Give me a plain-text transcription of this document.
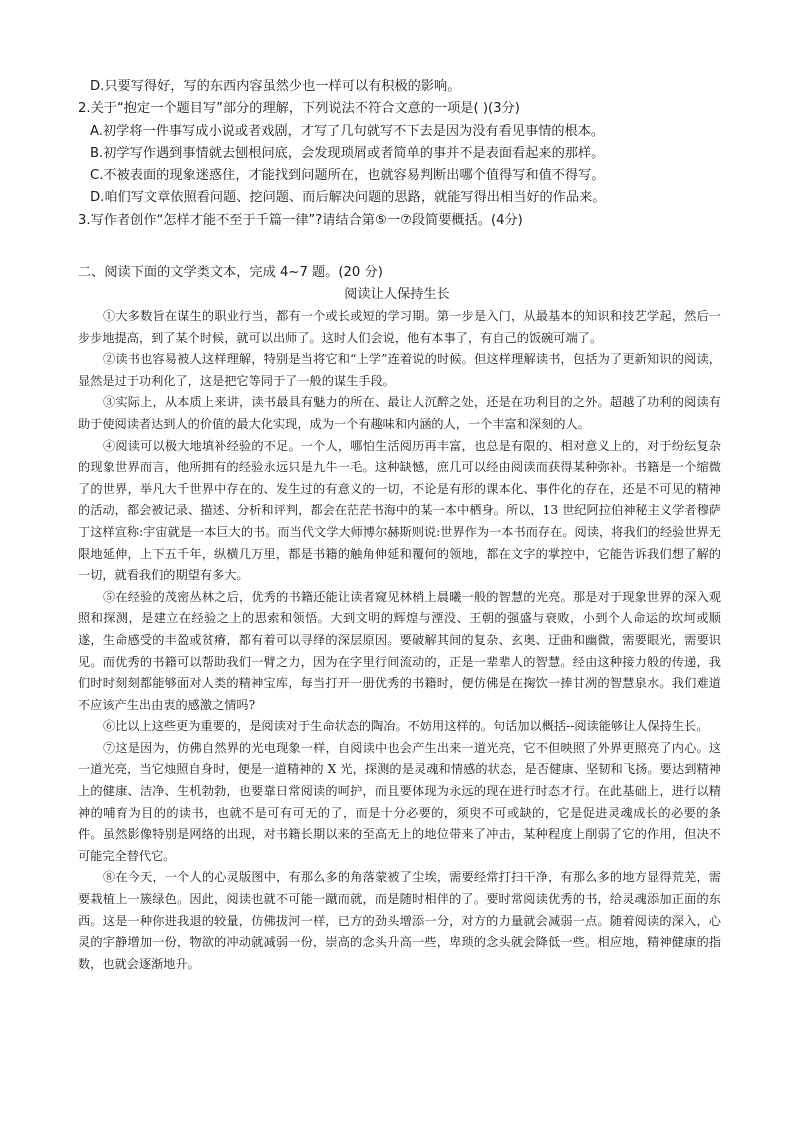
D.只要写得好，写的东西内容虽然少也一样可以有积极的影响。
2.关于“抱定一个题目写”部分的理解，下列说法不符合文意的一项是( )(3分)
A.初学将一件事写成小说或者戏剧，才写了几句就写不下去是因为没有看见事情的根本。
B.初学写作遇到事情就去刨根问底，会发现琐屑或者简单的事并不是表面看起来的那样。
C.不被表面的现象迷惑住，才能找到问题所在，也就容易判断出哪个值得写和值不得写。
D.咱们写文章依照看问题、挖问题、而后解决问题的思路，就能写得出相当好的作品来。
3.写作者创作“怎样才能不至于千篇一律”?请结合第⑤一⑦段简要概括。(4分)
二、阅读下面的文学类文本，完成 4~7 题。(20 分)
阅读让人保持生长

①大多数旨在谋生的职业行当，都有一个或长或短的学习期。第一步是入门，从最基本的知识和技艺学起，然后一步步地提高，到了某个时候，就可以出师了。这时人们会说，他有本事了，有自己的饭碗可端了。

②读书也容易被人这样理解，特别是当将它和“上学”连着说的时候。但这样理解读书，包括为了更新知识的阅读，显然是过于功利化了，这是把它等同于了一般的谋生手段。

③实际上，从本质上来讲，读书最具有魅力的所在、最让人沉醉之处，还是在功利目的之外。超越了功利的阅读有助于使阅读者达到人的价值的最大化实现，成为一个有趣味和内涵的人，一个丰富和深刻的人。

④阅读可以极大地填补经验的不足。一个人，哪怕生活阅历再丰富，也总是有限的、相对意义上的，对于纷纭复杂的现象世界而言，他所拥有的经验永远只是九牛一毛。这种缺憾，庶几可以经由阅读而获得某种弥补。书籍是一个缩微了的世界，举凡大千世界中存在的、发生过的有意义的一切，不论是有形的课本化、事件化的存在，还是不可见的精神的活动，都会被记录、描述、分析和评判，都会在茫茫书海中的某一本中栖身。所以，13 世纪阿拉伯神秘主义学者穆萨丁这样宣称:宇宙就是一本巨大的书。而当代文学大师博尔赫斯则说:世界作为一本书而存在。阅读，将我们的经验世界无限地延伸，上下五千年，纵横几万里，都是书籍的触角伸延和覆何的领地，都在文字的掌控中，它能告诉我们想了解的一切，就看我们的期望有多大。

⑤在经验的茂密丛林之后，优秀的书籍还能让读者窥见林梢上晨曦一般的智慧的光亮。那是对于现象世界的深入观照和探测，是建立在经验之上的思索和领悟。大到文明的辉煌与湮没、王朝的强盛与衰败，小到个人命运的坎坷或顺遂，生命感受的丰盈或贫瘠，都有着可以寻绎的深层原因。要破解其间的复杂、玄奥、迂曲和幽微，需要眼光，需要识见。而优秀的书籍可以帮助我们一臂之力，因为在字里行间流动的，正是一辈辈人的智慧。经由这种接力般的传递，我们时时刻刻都能够面对人类的精神宝库，每当打开一册优秀的书籍时，便仿佛是在掬饮一捧甘冽的智慧泉水。我们难道不应该产生出由衷的感激之情吗?

⑥比以上这些更为重要的，是阅读对于生命状态的陶冶。不妨用这样的。句话加以概括--阅读能够让人保持生长。

⑦这是因为，仿佛自然界的光电现象一样，自阅读中也会产生出来一道光亮，它不但映照了外界更照亮了内心。这一道光亮，当它烛照自身时，便是一道精神的 X 光，探测的是灵魂和情感的状态，是否健康、坚韧和飞扬。要达到精神上的健康、洁净、生机勃勃，也要靠日常阅读的呵护，而且要体现为永远的现在进行时态才行。在此基础上，进行以精神的哺育为目的的读书，也就不是可有可无的了，而是十分必要的，须臾不可或缺的，它是促进灵魂成长的必要的条件。虽然影像特别是网络的出现，对书籍长期以来的至高无上的地位带来了冲击，某种程度上削弱了它的作用，但决不可能完全替代它。

⑧在今天，一个人的心灵版图中，有那么多的角落蒙被了尘埃，需要经常打扫干净，有那么多的地方显得荒芜，需要栽植上一簇绿色。因此，阅读也就不可能一蹴而就，而是随时相伴的了。要时常阅读优秀的书，给灵魂添加正面的东西。这是一种你进我退的较量，仿佛拔河一样，已方的劲头增添一分，对方的力量就会减弱一点。随着阅读的深入，心灵的宇静增加一份，物欲的冲动就减弱一份，崇高的念头升高一些，卑琐的念头就会降低一些。相应地，精神健康的指数，也就会逐渐地升。
